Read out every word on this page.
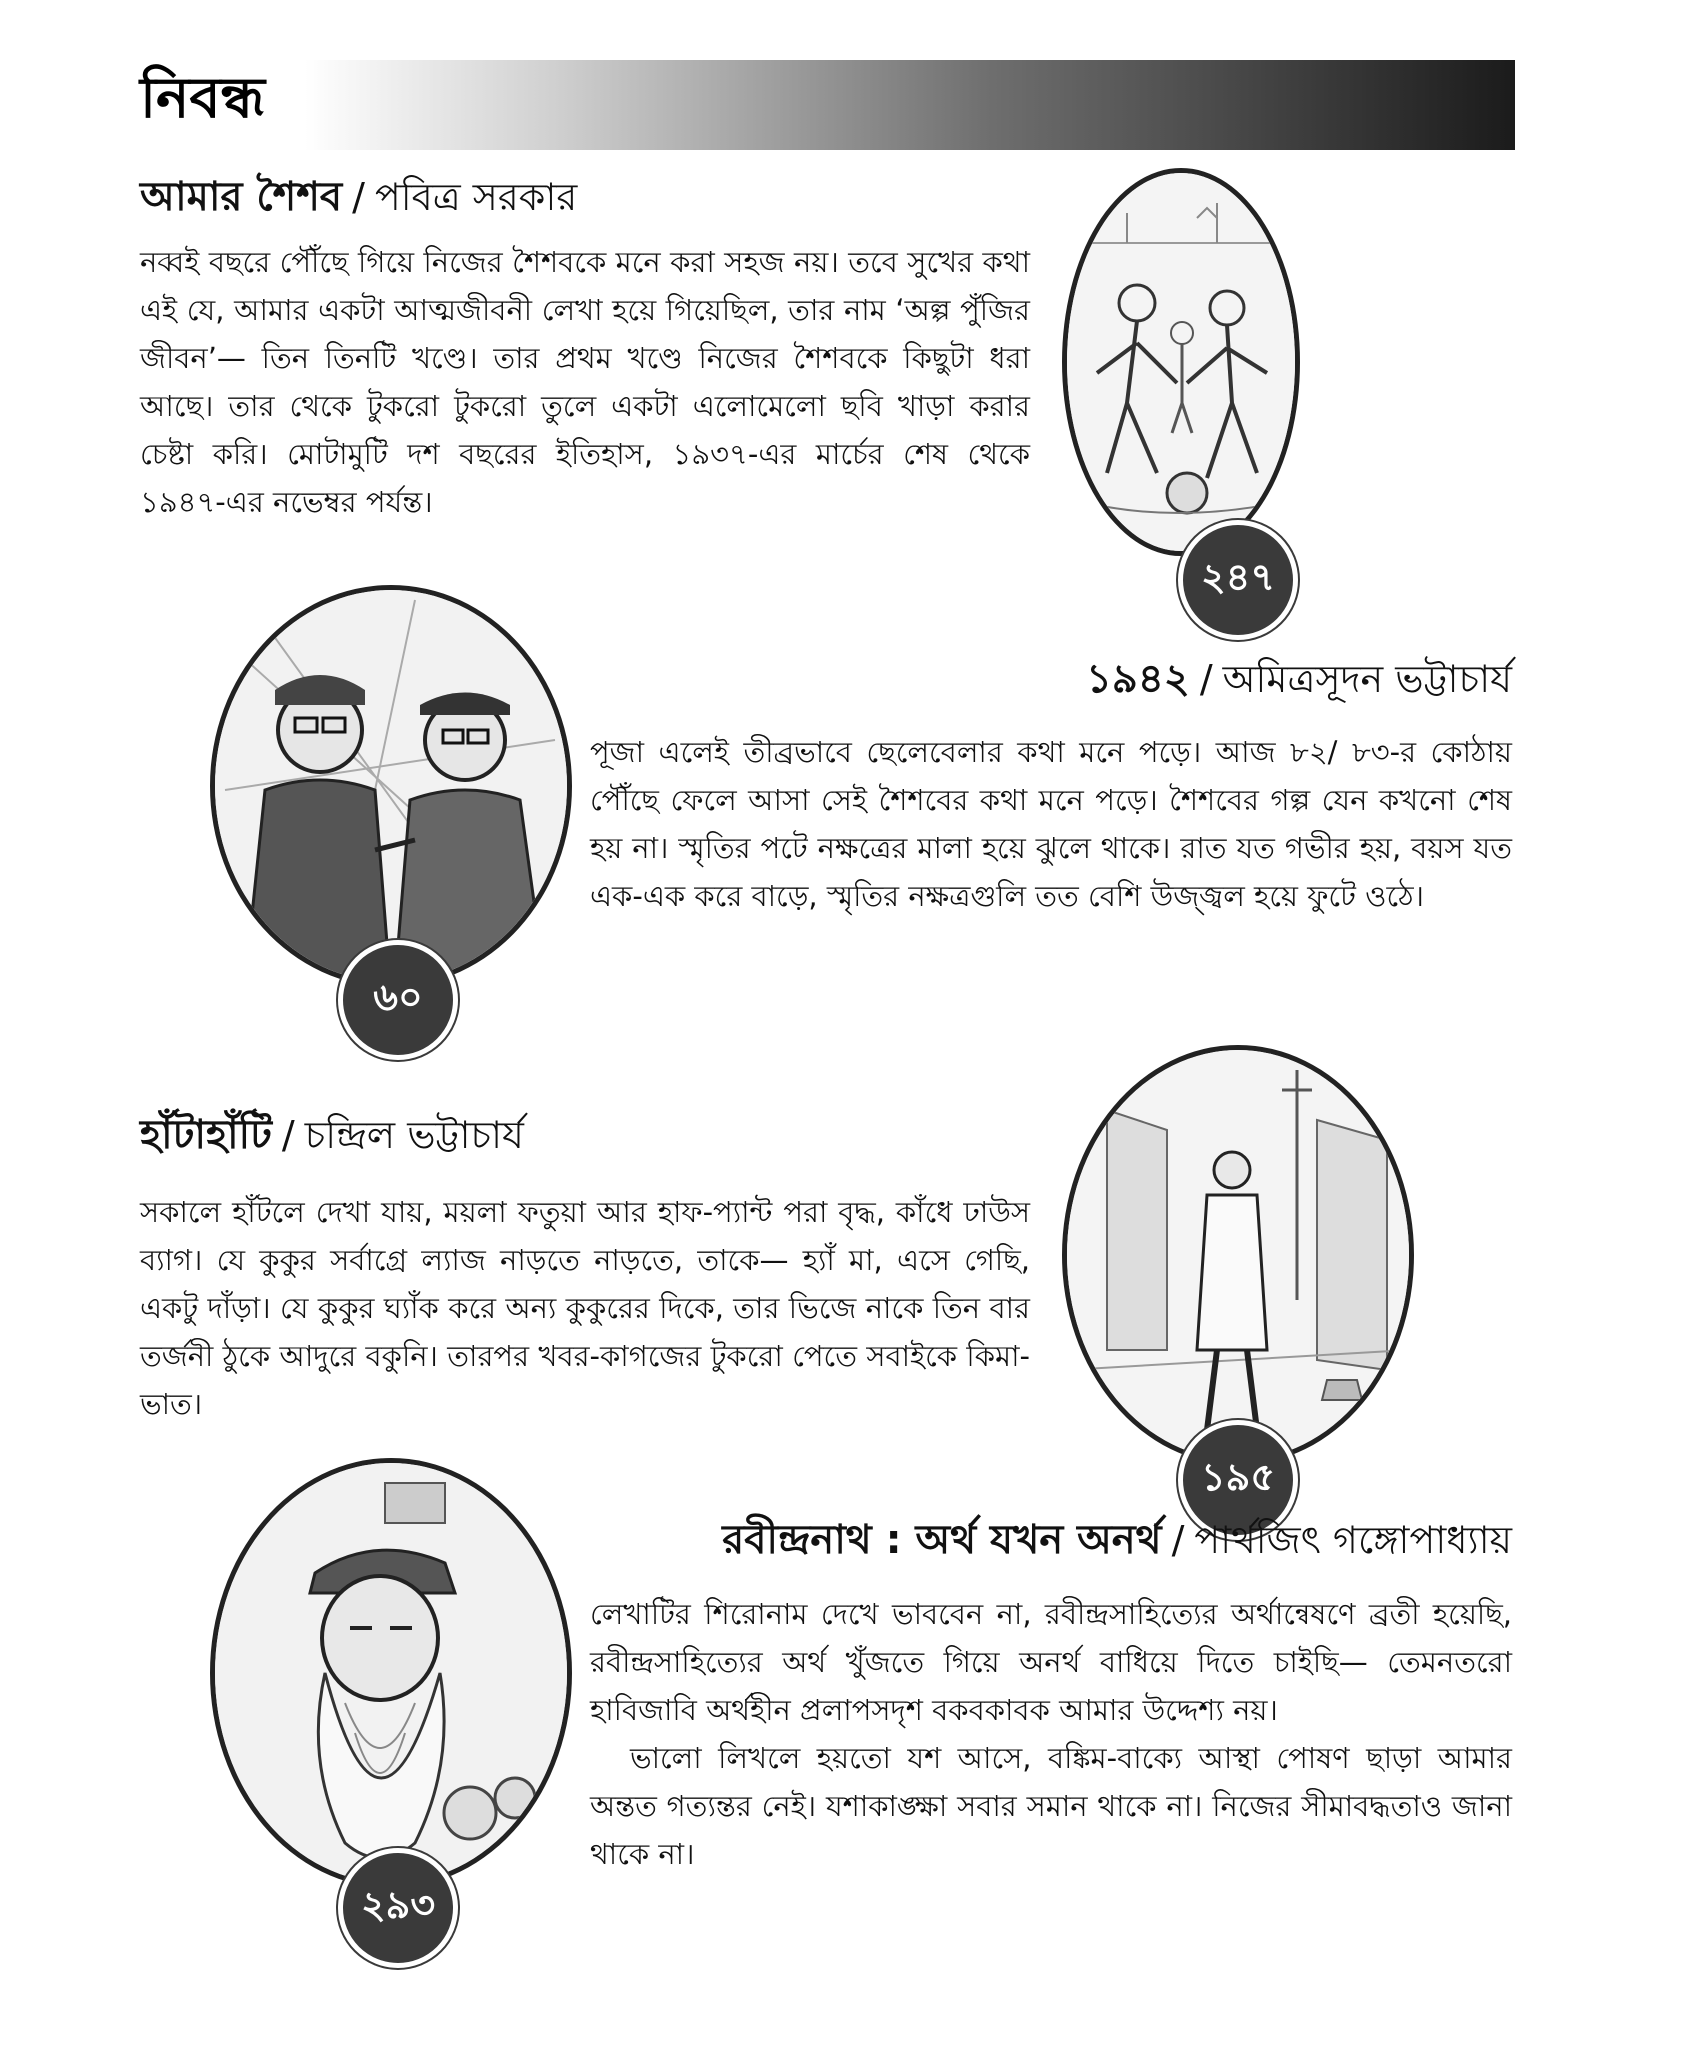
নিবন্ধ
আমার শৈশব / পবিত্র সরকার

নব্বই বছরে পৌঁছে গিয়ে নিজের শৈশবকে মনে করা সহজ নয়। তবে সুখের কথা এই যে, আমার একটা আত্মজীবনী লেখা হয়ে গিয়েছিল, তার নাম ‘অল্প পুঁজির জীবন’— তিন তিনটি খণ্ডে। তার প্রথম খণ্ডে নিজের শৈশবকে কিছুটা ধরা আছে। তার থেকে টুকরো টুকরো তুলে একটা এলোমেলো ছবি খাড়া করার চেষ্টা করি। মোটামুটি দশ বছরের ইতিহাস, ১৯৩৭-এর মার্চের শেষ থেকে ১৯৪৭-এর নভেম্বর পর্যন্ত।

২৪৭
৬০
১৯৪২ / অমিত্রসূদন ভট্টাচার্য

পূজা এলেই তীব্রভাবে ছেলেবেলার কথা মনে পড়ে। আজ ৮২/ ৮৩-র কোঠায় পৌঁছে ফেলে আসা সেই শৈশবের কথা মনে পড়ে। শৈশবের গল্প যেন কখনো শেষ হয় না। স্মৃতির পটে নক্ষত্রের মালা হয়ে ঝুলে থাকে। রাত যত গভীর হয়, বয়স যত এক-এক করে বাড়ে, স্মৃতির নক্ষত্রগুলি তত বেশি উজ্জ্বল হয়ে ফুটে ওঠে।

হাঁটাহাঁটি / চন্দ্রিল ভট্টাচার্য

সকালে হাঁটলে দেখা যায়, ময়লা ফতুয়া আর হাফ-প্যান্ট পরা বৃদ্ধ, কাঁধে ঢাউস ব্যাগ। যে কুকুর সর্বাগ্রে ল্যাজ নাড়তে নাড়তে, তাকে— হ্যাঁ মা, এসে গেছি, একটু দাঁড়া। যে কুকুর ঘ্যাঁক করে অন্য কুকুরের দিকে, তার ভিজে নাকে তিন বার তর্জনী ঠুকে আদুরে বকুনি। তারপর খবর-কাগজের টুকরো পেতে সবাইকে কিমা-ভাত।

১৯৫
২৯৩
রবীন্দ্রনাথ : অর্থ যখন অনর্থ / পার্থজিৎ গঙ্গোপাধ্যায়

লেখাটির শিরোনাম দেখে ভাববেন না, রবীন্দ্রসাহিত্যের অর্থান্বেষণে ব্রতী হয়েছি, রবীন্দ্রসাহিত্যের অর্থ খুঁজতে গিয়ে অনর্থ বাধিয়ে দিতে চাইছি— তেমনতরো হাবিজাবি অর্থহীন প্রলাপসদৃশ বকবকাবক আমার উদ্দেশ্য নয়।

ভালো লিখলে হয়তো যশ আসে, বঙ্কিম-বাক্যে আস্থা পোষণ ছাড়া আমার অন্তত গত্যন্তর নেই। যশাকাঙ্ক্ষা সবার সমান থাকে না। নিজের সীমাবদ্ধতাও জানা থাকে না।
